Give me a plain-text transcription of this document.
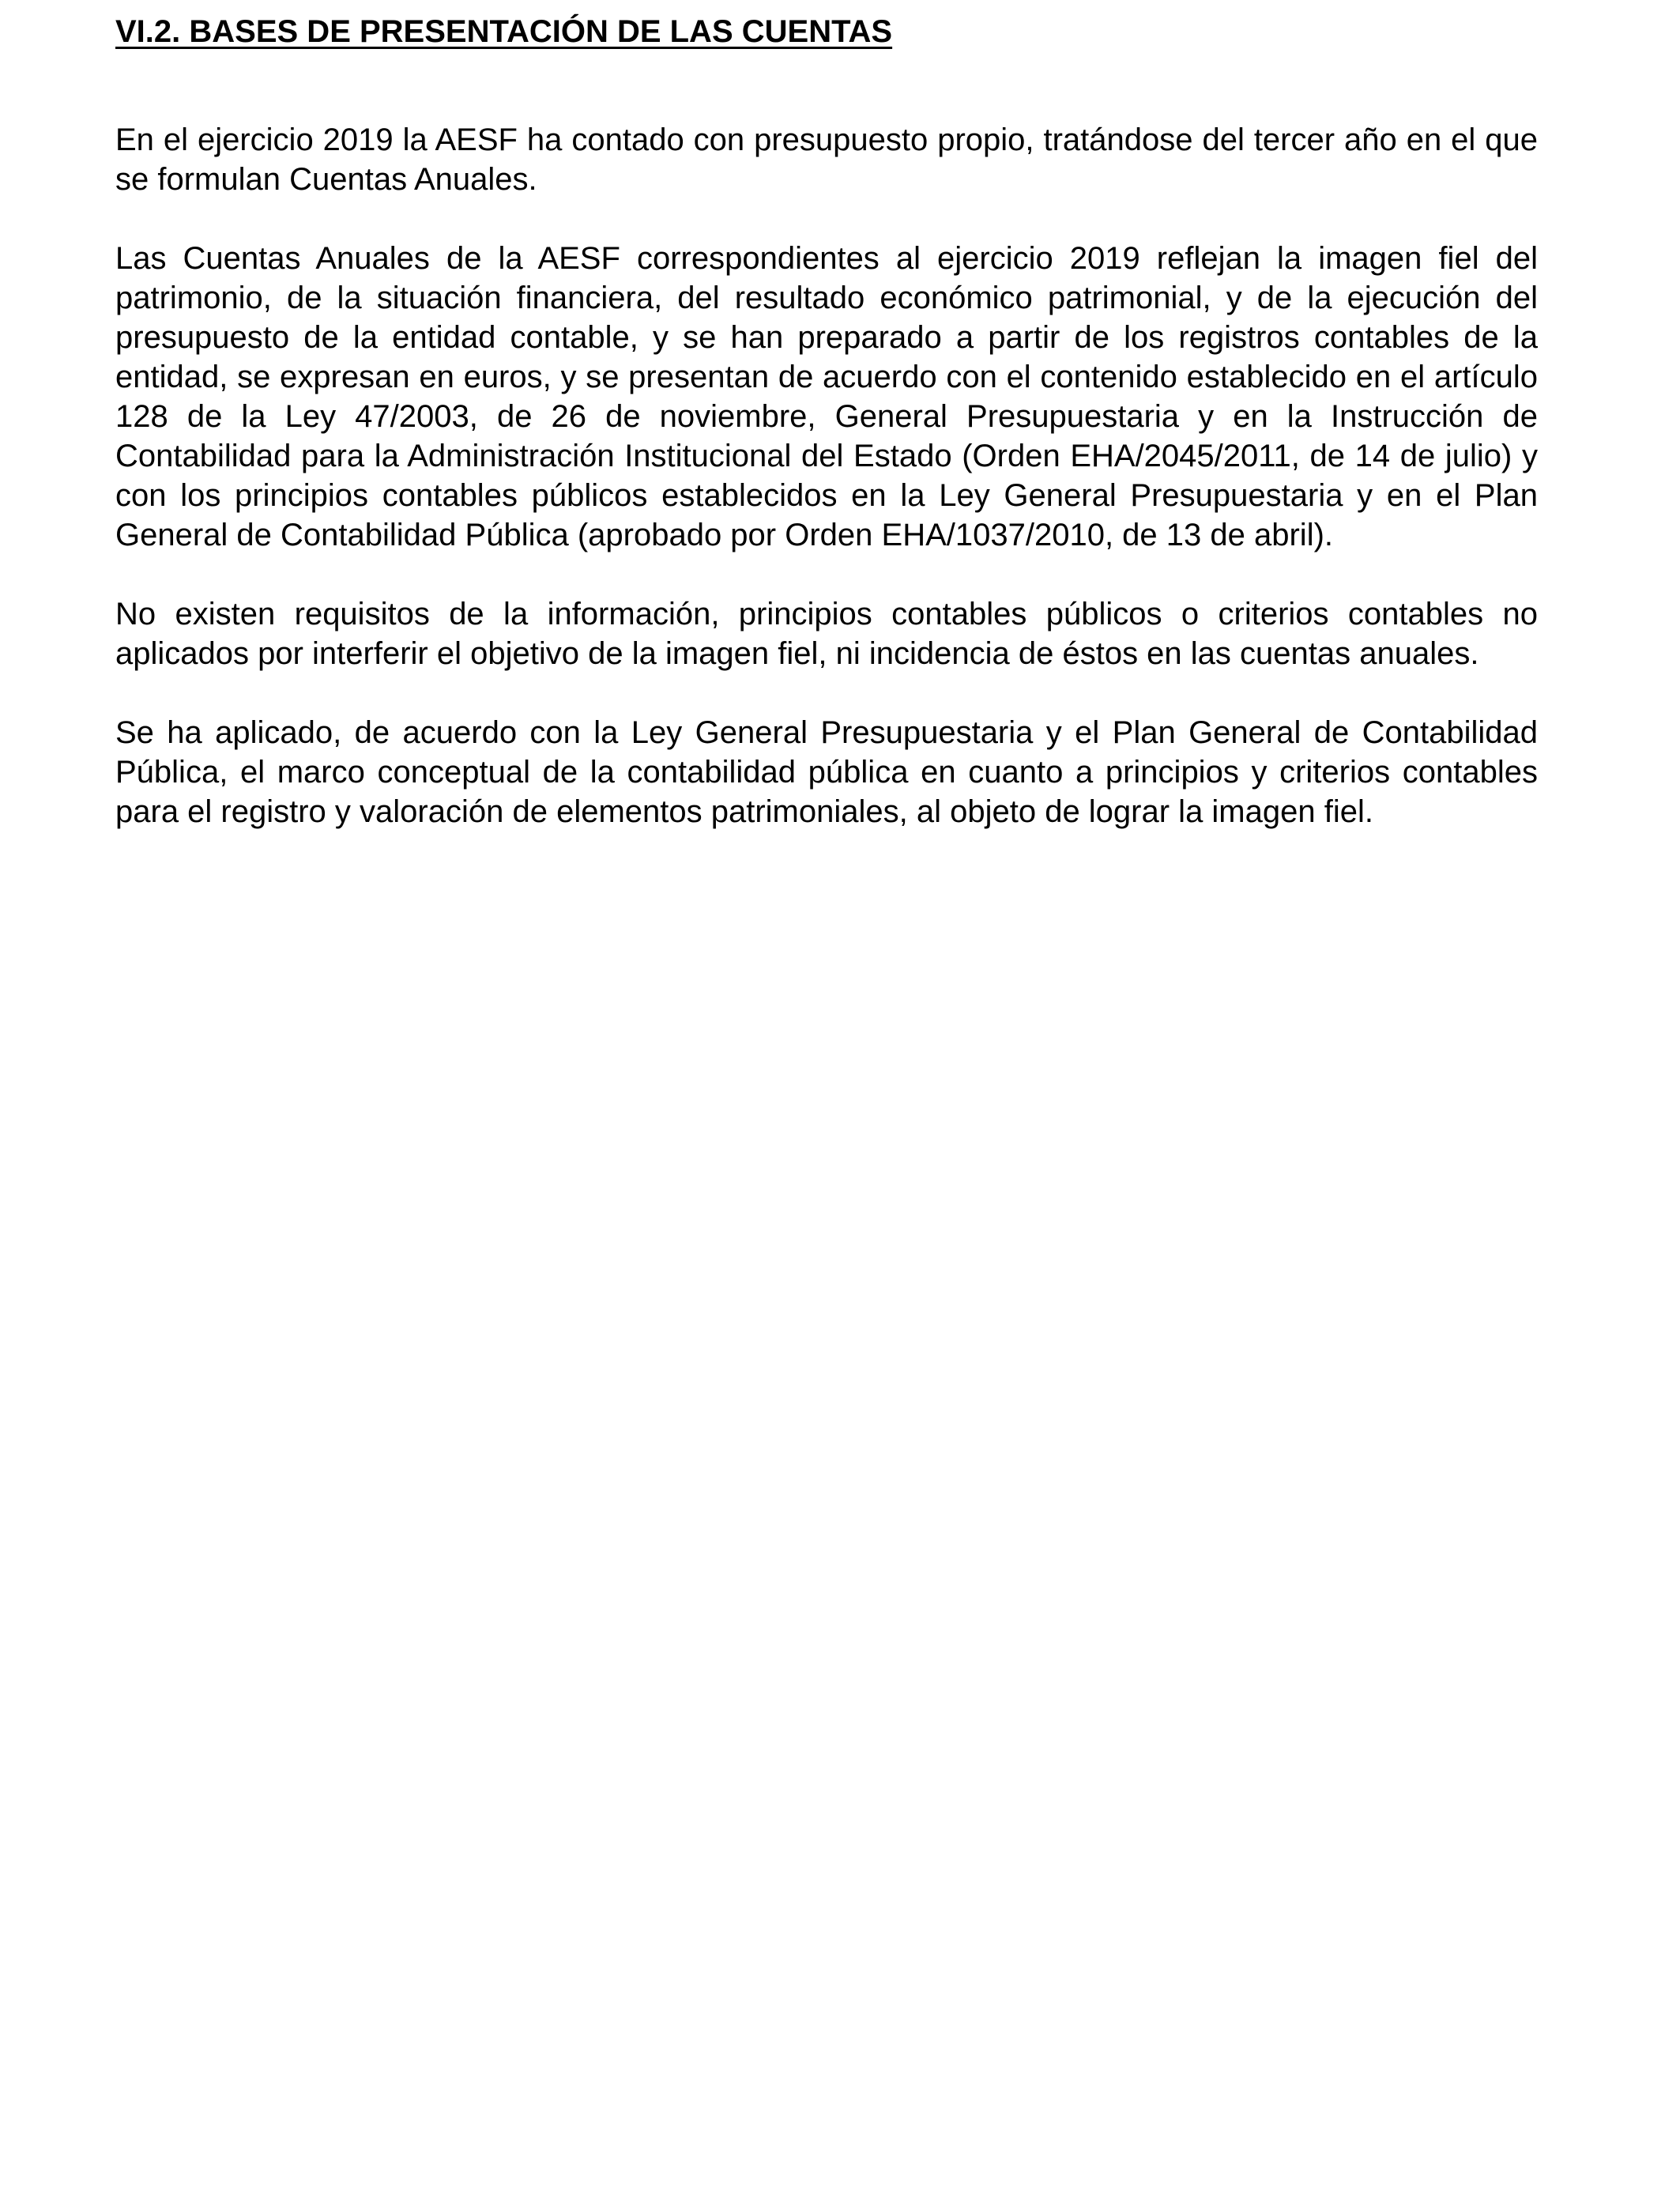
VI.2. BASES DE PRESENTACIÓN DE LAS CUENTAS

En el ejercicio 2019 la AESF ha contado con presupuesto propio, tratándose del tercer año en el que se formulan Cuentas Anuales.

Las Cuentas Anuales de la AESF correspondientes al ejercicio 2019 reflejan la imagen fiel del patrimonio, de la situación financiera, del resultado económico patrimonial, y de la ejecución del presupuesto de la entidad contable, y se han preparado a partir de los registros contables de la entidad, se expresan en euros, y se presentan de acuerdo con el contenido establecido en el artículo 128 de la Ley 47/2003, de 26 de noviembre, General Presupuestaria y en la Instrucción de Contabilidad para la Administración Institucional del Estado (Orden EHA/2045/2011, de 14 de julio) y con los principios contables públicos establecidos en la Ley General Presupuestaria y en el Plan General de Contabilidad Pública (aprobado por Orden EHA/1037/2010, de 13 de abril).

No existen requisitos de la información, principios contables públicos o criterios contables no aplicados por interferir el objetivo de la imagen fiel, ni incidencia de éstos en las cuentas anuales.

Se ha aplicado, de acuerdo con la Ley General Presupuestaria y el Plan General de Contabilidad Pública, el marco conceptual de la contabilidad pública en cuanto a principios y criterios contables para el registro y valoración de elementos patrimoniales, al objeto de lograr la imagen fiel.
